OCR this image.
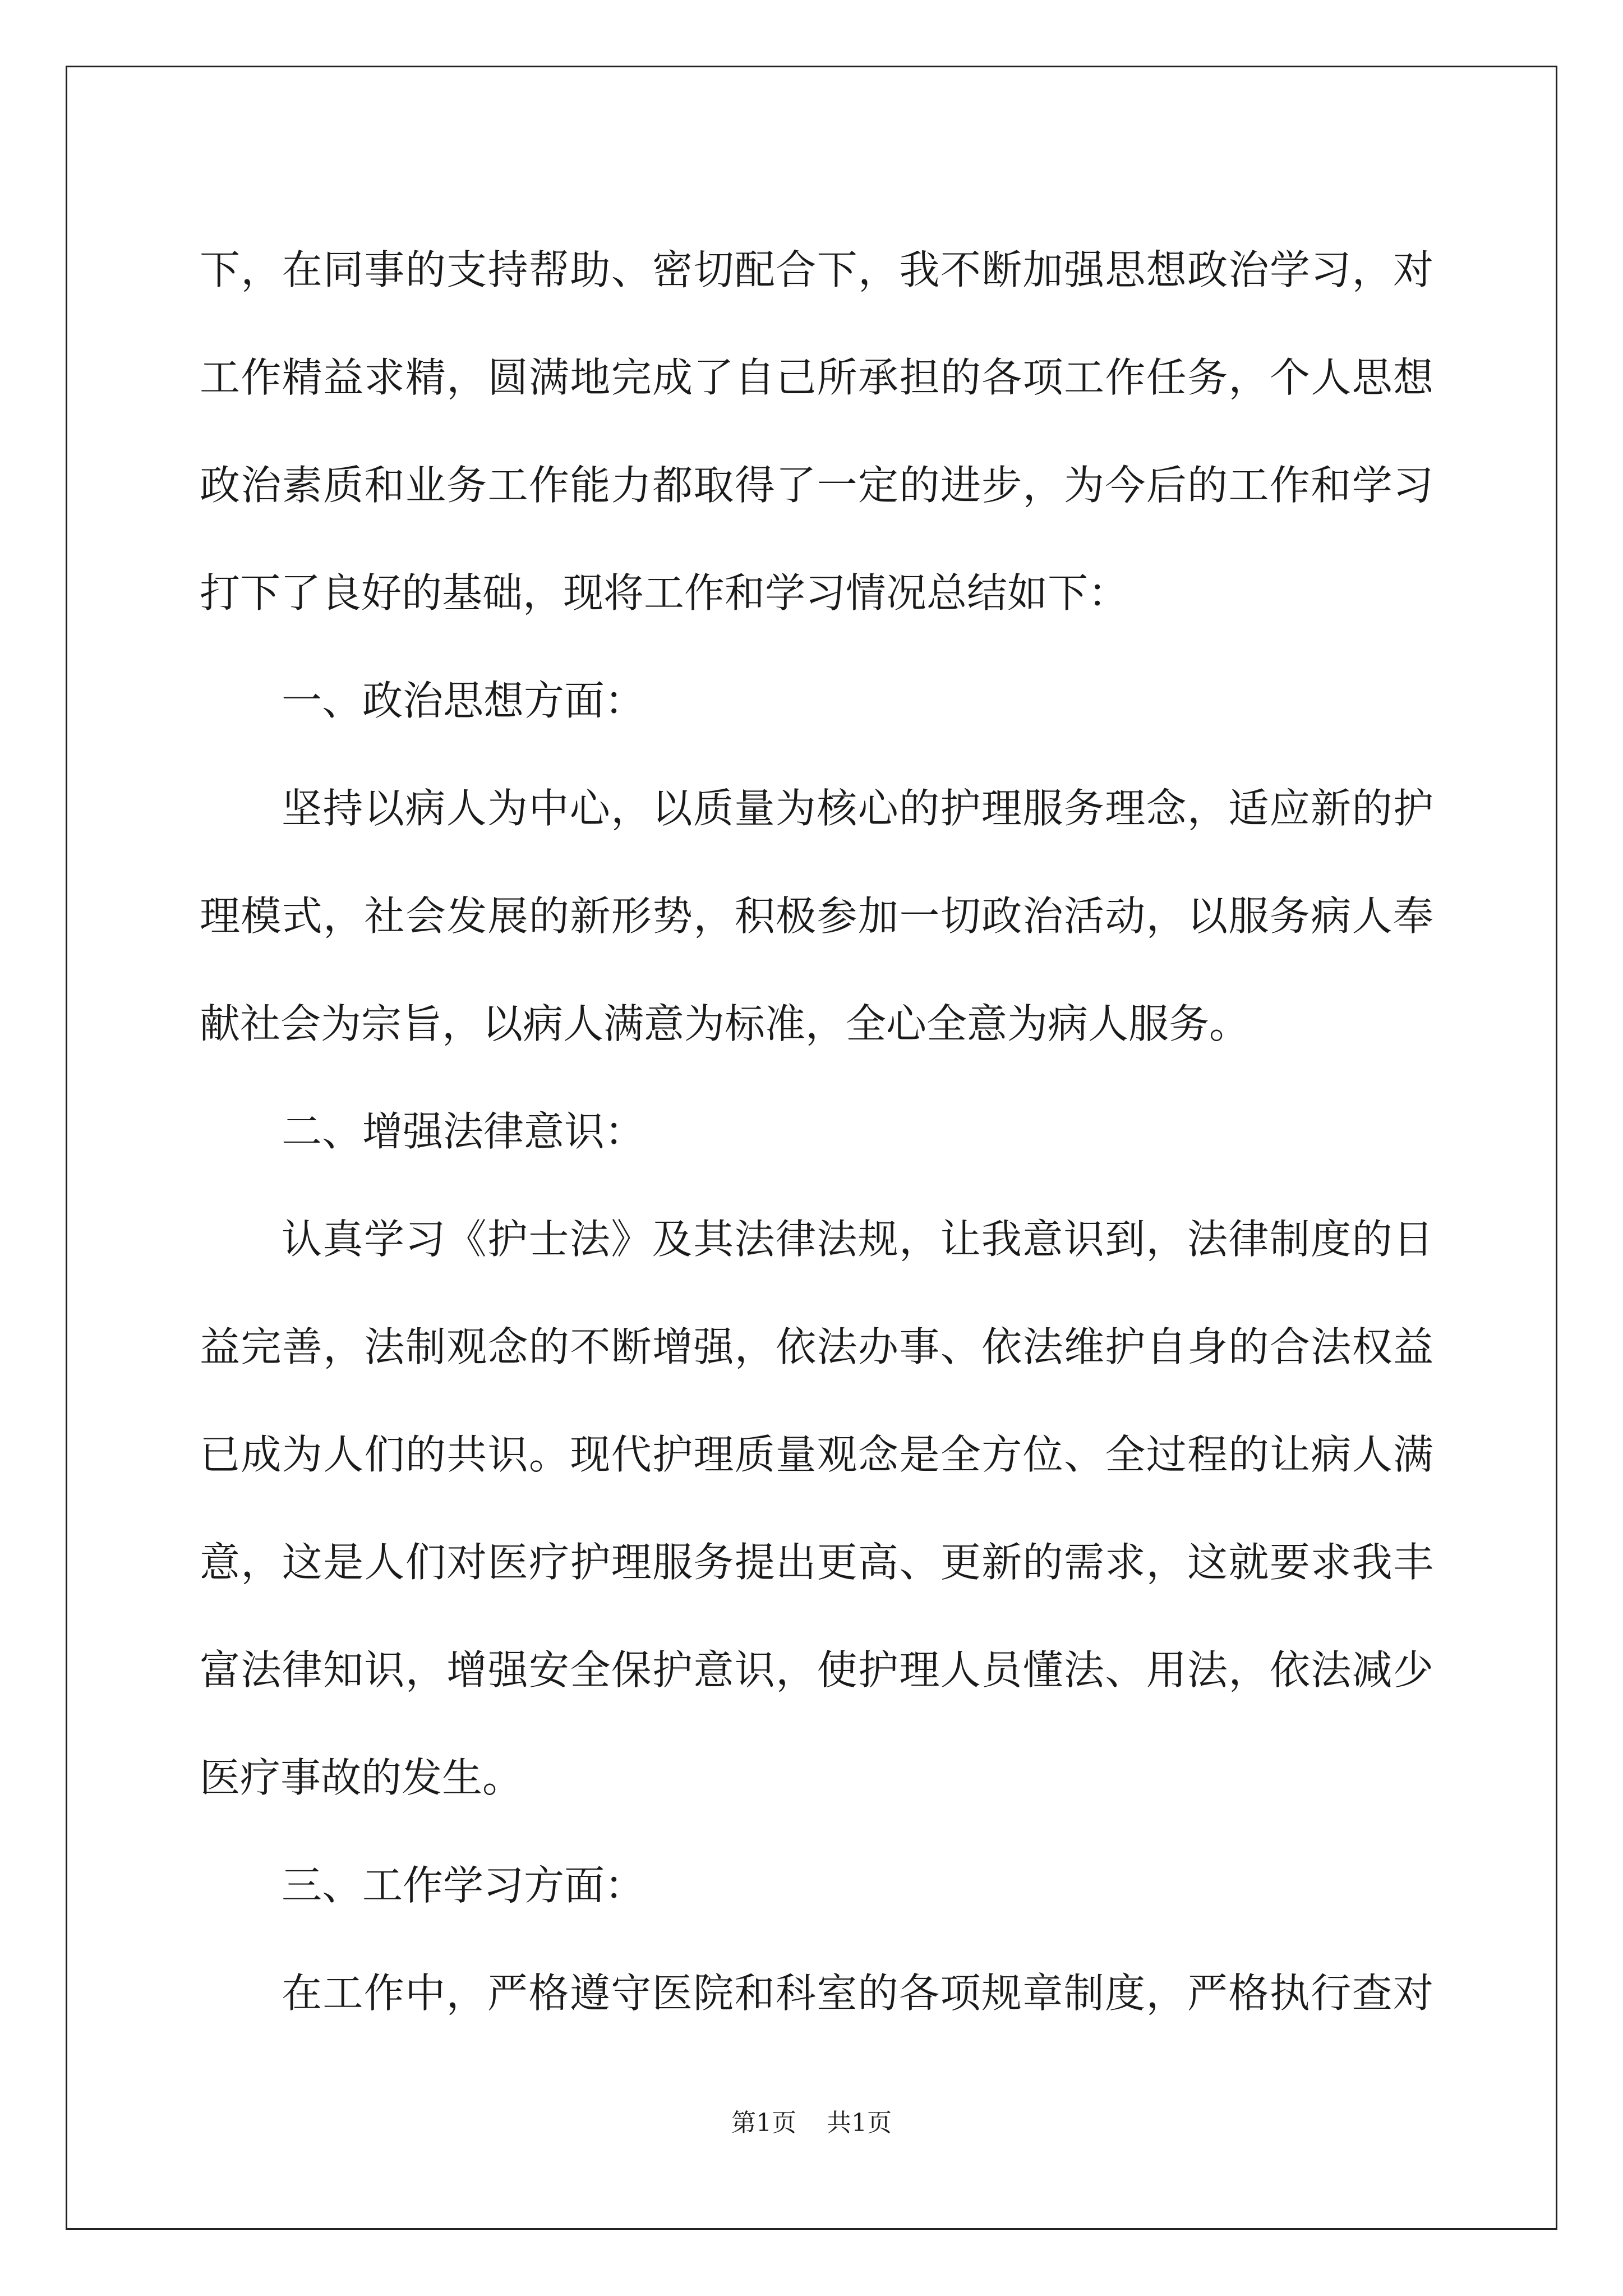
下，在同事的支持帮助、密切配合下，我不断加强思想政治学习，对
工作精益求精，圆满地完成了自己所承担的各项工作任务，个人思想
政治素质和业务工作能力都取得了一定的进步，为今后的工作和学习
打下了良好的基础，现将工作和学习情况总结如下：
一、政治思想方面：
坚持以病人为中心，以质量为核心的护理服务理念，适应新的护
理模式，社会发展的新形势，积极参加一切政治活动，以服务病人奉
献社会为宗旨，以病人满意为标准，全心全意为病人服务。
二、增强法律意识：
认真学习《护士法》及其法律法规，让我意识到，法律制度的日
益完善，法制观念的不断增强，依法办事、依法维护自身的合法权益
已成为人们的共识。现代护理质量观念是全方位、全过程的让病人满
意，这是人们对医疗护理服务提出更高、更新的需求，这就要求我丰
富法律知识，增强安全保护意识，使护理人员懂法、用法，依法减少
医疗事故的发生。
三、工作学习方面：
在工作中，严格遵守医院和科室的各项规章制度，严格执行查对
第1页 共1页
